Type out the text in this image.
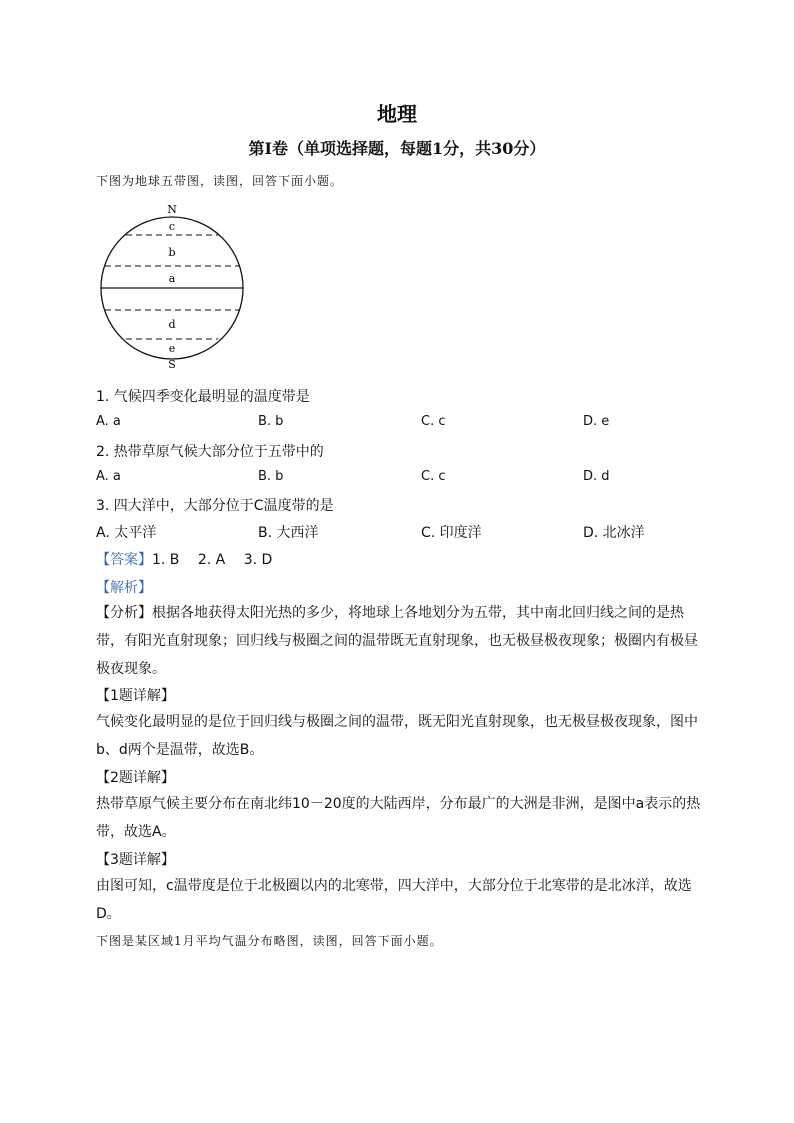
地理
第I卷（单项选择题，每题1分，共30分）
下图为地球五带图，读图，回答下面小题。
N
c
b
a
d
e
S
1. 气候四季变化最明显的温度带是
A. a	B. b	C. c	D. e
2. 热带草原气候大部分位于五带中的
A. a	B. b	C. c	D. d
3. 四大洋中，大部分位于C温度带的是
A. 太平洋	B. 大西洋	C. 印度洋	D. 北冰洋
【答案】1. B　 2. A　 3. D
【解析】
【分析】根据各地获得太阳光热的多少，将地球上各地划分为五带，其中南北回归线之间的是热带，有阳光直射现象；回归线与极圈之间的温带既无直射现象，也无极昼极夜现象；极圈内有极昼极夜现象。
【1题详解】
气候变化最明显的是位于回归线与极圈之间的温带，既无阳光直射现象，也无极昼极夜现象，图中b、d两个是温带，故选B。
【2题详解】
热带草原气候主要分布在南北纬10－20度的大陆西岸，分布最广的大洲是非洲，是图中a表示的热带，故选A。
【3题详解】
由图可知，c温带度是位于北极圈以内的北寒带，四大洋中，大部分位于北寒带的是北冰洋，故选D。
下图是某区域1月平均气温分布略图，读图，回答下面小题。
